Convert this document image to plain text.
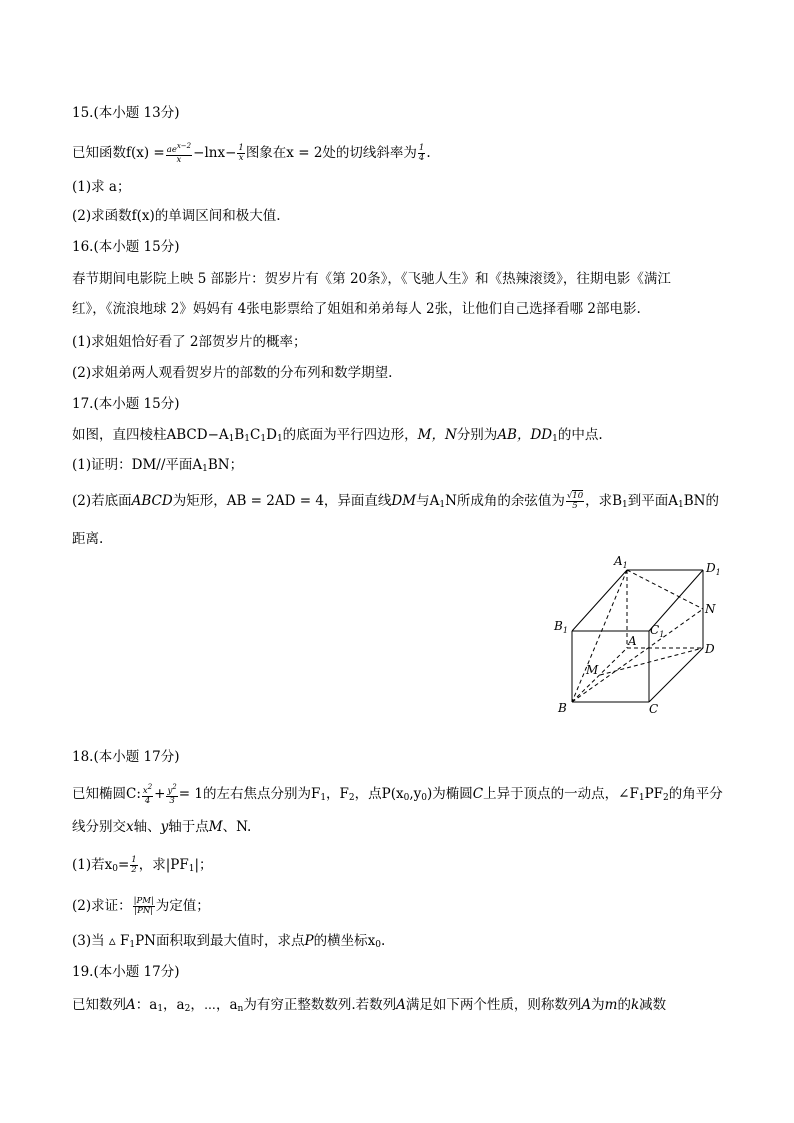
15.(本小题 13分)
已知函数$f(x) = \frac{ae^{x-2}}{x} -\ln x- \frac{1}{x}$ 图象在x = 2处的切线斜率为 $\frac{1}{4}$ .
(1)求 a；
(2)求函数f(x)的单调区间和极大值.
16.(本小题 15分)
春节期间电影院上映 5 部影片：贺岁片有《第 20条》，《飞驰人生》和《热辣滚烫》，往期电影《满江
红》，《流浪地球 2》妈妈有 4张电影票给了姐姐和弟弟每人 2张，让他们自己选择看哪 2部电影.
(1)求姐姐恰好看了 2部贺岁片的概率；
(2)求姐弟两人观看贺岁片的部数的分布列和数学期望.
17.(本小题 15分)
如图，直四棱柱$ABCD-A_1B_1C_1D_1$的底面为平行四边形，M，N分别为AB，$DD_1$的中点.
(1)证明：DM//平面$A_1BN$；
(2)若底面ABCD为矩形，AB = 2AD = 4，异面直线DM与$A_1N$所成角的余弦值为 $\frac{√10}{5}$ ，求$B_1$到平面$A_1BN$的
距离.
$A_1$	$D_1$
$B_1$	$C_1$
A
D
N
M
B	C
18.(本小题 17分)
已知椭圆C: $\frac{x^2}{4} + \frac{y^2}{3} = 1$的左右焦点分别为$F_1$，$F_2$，点$P(x_0,y_0)$为椭圆C上异于顶点的一动点，$\angle F_1PF_2$的角平分
线分别交x轴、y轴于点M、N.
(1)若$x_0= \frac{1}{2}$ ，求$|PF_1|$；
(2)求证： $\frac{|PM|}{|PN|}$ 为定值；
(3)当 ▵ $F_1PN$面积取到最大值时，求点P的横坐标$x_0$.
19.(本小题 17分)
已知数列A：$a_1$，$a_2$，⋯，$a_n$为有穷正整数数列.若数列A满足如下两个性质，则称数列A为m的k减数
